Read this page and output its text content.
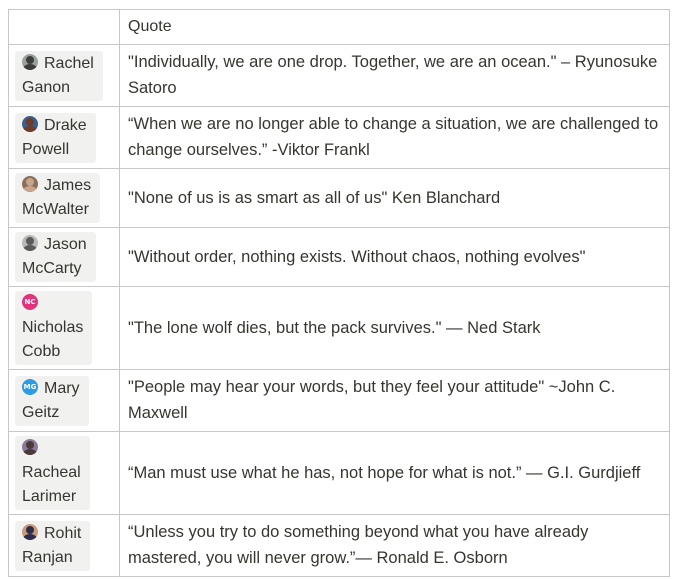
	Quote

Rachel
Ganon	"Individually, we are one drop. Together, we are an ocean." – Ryunosuke Satoro

Drake
Powell	“When we are no longer able to change a situation, we are challenged to change ourselves.” -Viktor Frankl

James
McWalter	"None of us is as smart as all of us" Ken Blanchard

Jason
McCarty	"Without order, nothing exists. Without chaos, nothing evolves"
NC
Nicholas
Cobb	"The lone wolf dies, but the pack survives." — Ned Stark
MG Mary
Geitz	"People may hear your words, but they feel your attitude" ~John C. Maxwell

Racheal
Larimer	“Man must use what he has, not hope for what is not.” — G.I. Gurdjieff

Rohit
Ranjan	“Unless you try to do something beyond what you have already mastered, you will never grow.”— Ronald E. Osborn
